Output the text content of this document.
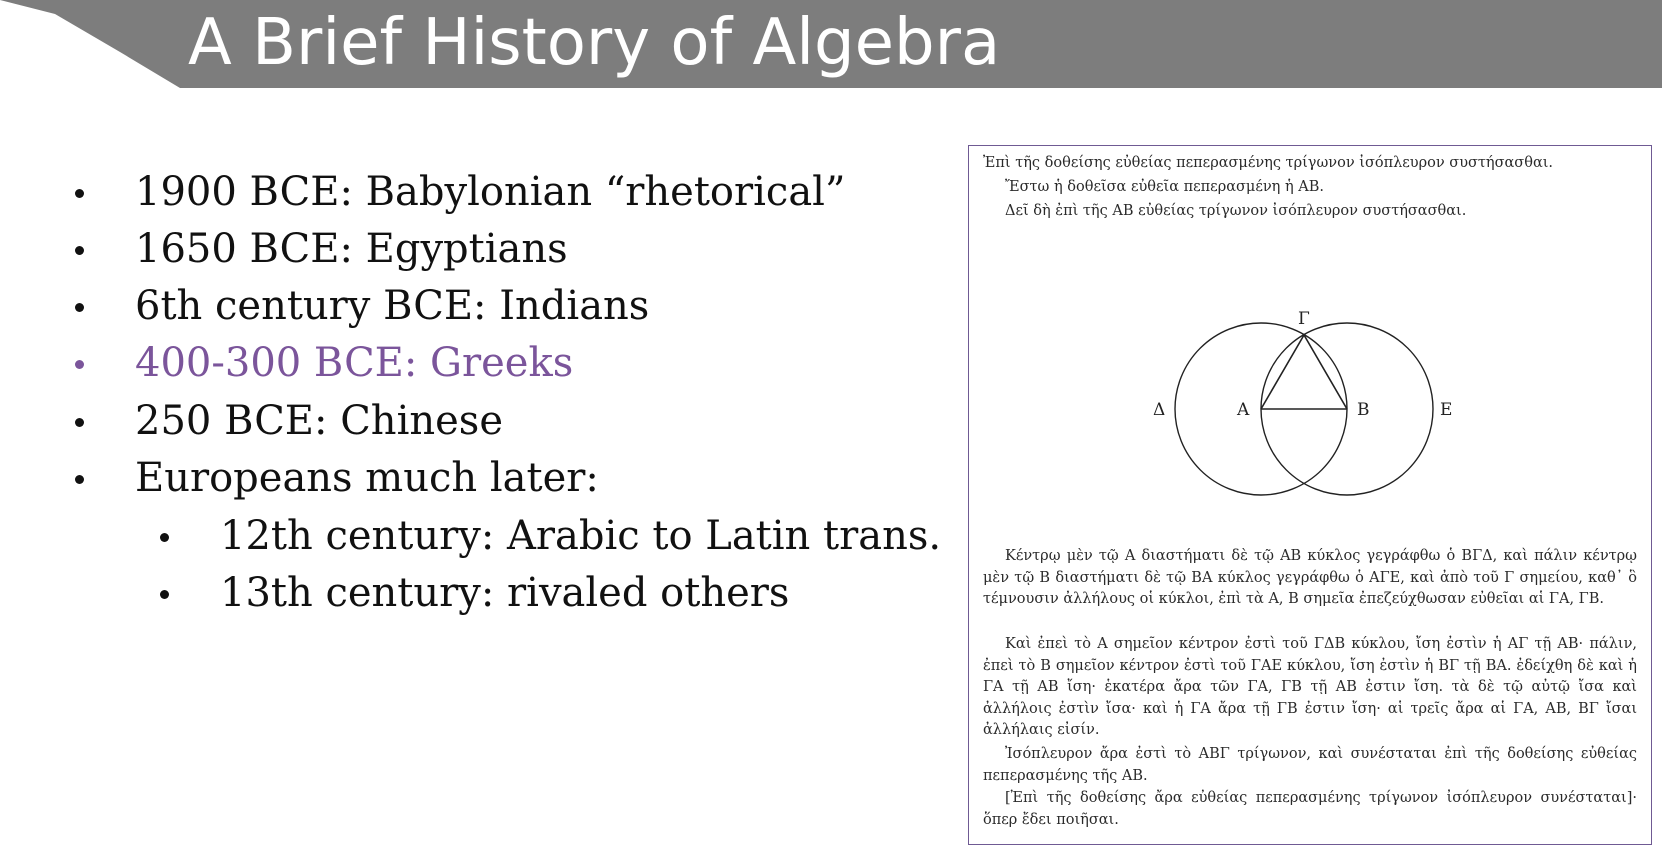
A Brief History of Algebra
1900 BCE: Babylonian “rhetorical”
1650 BCE: Egyptians
6th century BCE: Indians
400-300 BCE: Greeks
250 BCE: Chinese
Europeans much later:
12th century: Arabic to Latin trans.
13th century: rivaled others
Ἐπὶ τῆς δοθείσης εὐθείας πεπερασμένης τρίγωνον ἰσόπλευρον συστήσασθαι.
Ἔστω ἡ δοθεῖσα εὐθεῖα πεπερασμένη ἡ ΑΒ.
Δεῖ δὴ ἐπὶ τῆς ΑΒ εὐθείας τρίγωνον ἰσόπλευρον συστήσασθαι.
Γ
Δ	Α	Β	Ε

Κέντρῳ μὲν τῷ Α διαστήματι δὲ τῷ ΑΒ κύκλος γεγράφθω ὁ ΒΓΔ, καὶ πάλιν κέντρῳ μὲν τῷ Β διαστήματι δὲ τῷ ΒΑ κύκλος γεγράφθω ὁ ΑΓΕ, καὶ ἀπὸ τοῦ Γ σημείου, καθ᾽ ὃ τέμνουσιν ἀλλήλους οἱ κύκλοι, ἐπὶ τὰ Α, Β σημεῖα ἐπεζεύχθωσαν εὐθεῖαι αἱ ΓΑ, ΓΒ.

Καὶ ἐπεὶ τὸ Α σημεῖον κέντρον ἐστὶ τοῦ ΓΔΒ κύκλου, ἴση ἐστὶν ἡ ΑΓ τῇ ΑΒ· πάλιν, ἐπεὶ τὸ Β σημεῖον κέντρον ἐστὶ τοῦ ΓΑΕ κύκλου, ἴση ἐστὶν ἡ ΒΓ τῇ ΒΑ. ἐδείχθη δὲ καὶ ἡ ΓΑ τῇ ΑΒ ἴση· ἑκατέρα ἄρα τῶν ΓΑ, ΓΒ τῇ ΑΒ ἐστιν ἴση. τὰ δὲ τῷ αὐτῷ ἴσα καὶ ἀλλήλοις ἐστὶν ἴσα· καὶ ἡ ΓΑ ἄρα τῇ ΓΒ ἐστιν ἴση· αἱ τρεῖς ἄρα αἱ ΓΑ, ΑΒ, ΒΓ ἴσαι ἀλλήλαις εἰσίν.

Ἰσόπλευρον ἄρα ἐστὶ τὸ ΑΒΓ τρίγωνον, καὶ συνέσταται ἐπὶ τῆς δοθείσης εὐθείας πεπερασμένης τῆς ΑΒ.

[Ἐπὶ τῆς δοθείσης ἄρα εὐθείας πεπερασμένης τρίγωνον ἰσόπλευρον συνέσταται]· ὅπερ ἔδει ποιῆσαι.
